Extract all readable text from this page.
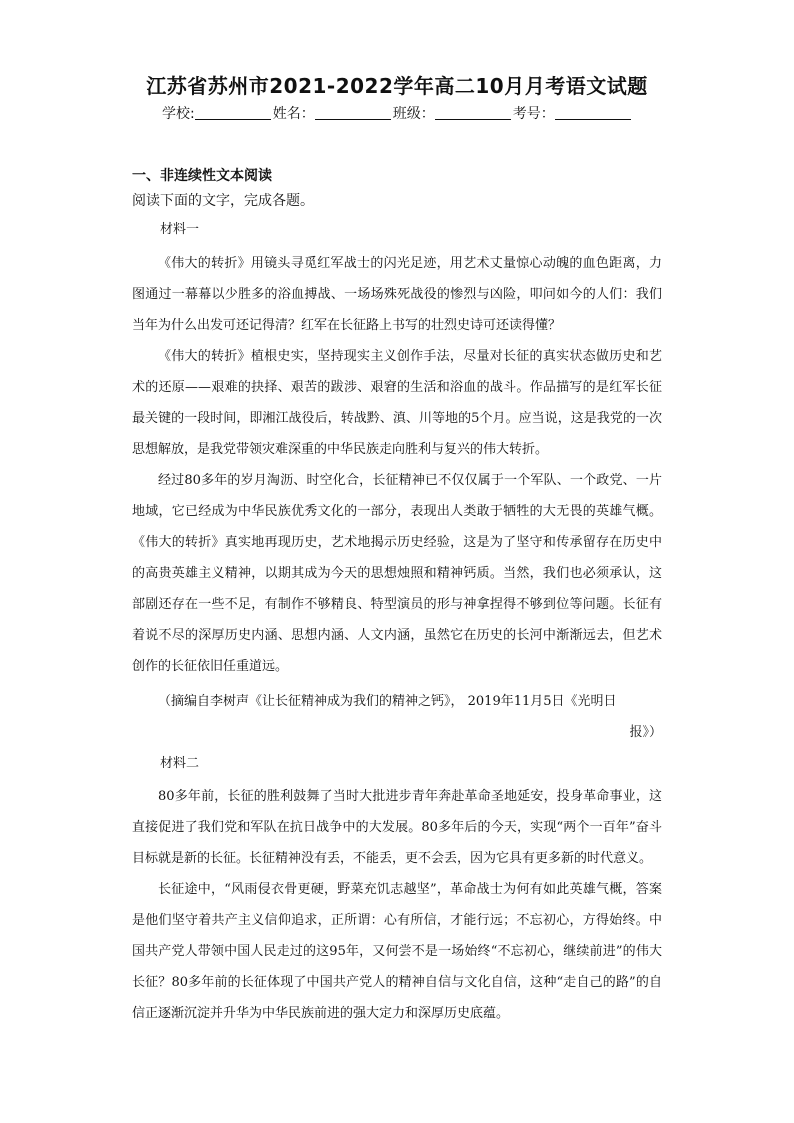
江苏省苏州市2021-2022学年高二10月月考语文试题
学校:	姓名：	班级：	考号：
一、非连续性文本阅读
阅读下面的文字，完成各题。
材料一

《伟大的转折》用镜头寻觅红军战士的闪光足迹，用艺术丈量惊心动魄的血色距离，力图通过一幕幕以少胜多的浴血搏战、一场场殊死战役的惨烈与凶险，叩问如今的人们：我们当年为什么出发可还记得清？红军在长征路上书写的壮烈史诗可还读得懂？

《伟大的转折》植根史实，坚持现实主义创作手法，尽量对长征的真实状态做历史和艺术的还原——艰难的抉择、艰苦的跋涉、艰窘的生活和浴血的战斗。作品描写的是红军长征最关键的一段时间，即湘江战役后，转战黔、滇、川等地的5个月。应当说，这是我党的一次思想解放，是我党带领灾难深重的中华民族走向胜利与复兴的伟大转折。

经过80多年的岁月淘沥、时空化合，长征精神已不仅仅属于一个军队、一个政党、一片地域，它已经成为中华民族优秀文化的一部分，表现出人类敢于牺牲的大无畏的英雄气概。《伟大的转折》真实地再现历史，艺术地揭示历史经验，这是为了坚守和传承留存在历史中的高贵英雄主义精神，以期其成为今天的思想烛照和精神钙质。当然，我们也必须承认，这部剧还存在一些不足，有制作不够精良、特型演员的形与神拿捏得不够到位等问题。长征有着说不尽的深厚历史内涵、思想内涵、人文内涵，虽然它在历史的长河中渐渐远去，但艺术创作的长征依旧任重道远。

（摘编自李树声《让长征精神成为我们的精神之钙》， 2019年11月5日《光明日
报》）
材料二

80多年前，长征的胜利鼓舞了当时大批进步青年奔赴革命圣地延安，投身革命事业，这直接促进了我们党和军队在抗日战争中的大发展。80多年后的今天，实现“两个一百年”奋斗目标就是新的长征。长征精神没有丢，不能丢，更不会丢，因为它具有更多新的时代意义。

长征途中，“风雨侵衣骨更硬，野菜充饥志越坚”，革命战士为何有如此英雄气概，答案是他们坚守着共产主义信仰追求，正所谓：心有所信，才能行远；不忘初心，方得始终。中国共产党人带领中国人民走过的这95年，又何尝不是一场始终“不忘初心，继续前进”的伟大长征？80多年前的长征体现了中国共产党人的精神自信与文化自信，这种“走自己的路”的自信正逐渐沉淀并升华为中华民族前进的强大定力和深厚历史底蕴。
